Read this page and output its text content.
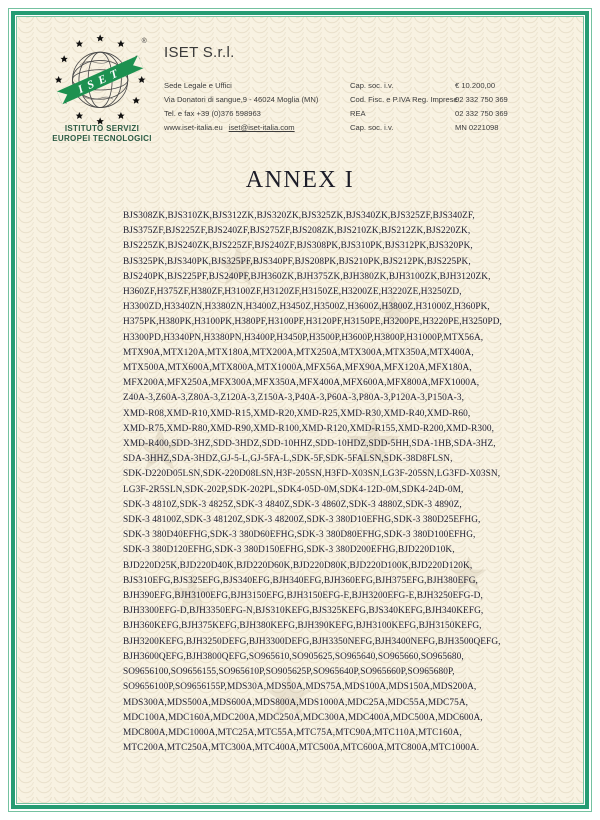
★
★
★ ★
★	★
★
ISET
®
ISTITUTO SERVIZI
EUROPEI TECNOLOGICI
ISET S.r.l.
Sede Legale e Uffici
Via Donatori di sangue,9 - 46024 Moglia (MN)
Tel. e fax +39 (0)376 598963
www.iset-italia.eu iset@iset-italia.com
Cap. soc. i.v.	€ 10.200,00
Cod. Fisc. e P.IVA Reg. Imprese
02 332 750 369
REA	02 332 750 369
Cap. soc. i.v.	MN 0221098
ANNEX I
BJS308ZK,BJS310ZK,BJS312ZK,BJS320ZK,BJS325ZK,BJS340ZK,BJS325ZF,BJS340ZF,
BJS375ZF,BJS225ZF,BJS240ZF,BJS275ZF,BJS208ZK,BJS210ZK,BJS212ZK,BJS220ZK,
BJS225ZK,BJS240ZK,BJS225ZF,BJS240ZF,BJS308PK,BJS310PK,BJS312PK,BJS320PK,
BJS325PK,BJS340PK,BJS325PF,BJS340PF,BJS208PK,BJS210PK,BJS212PK,BJS225PK,
BJS240PK,BJS225PF,BJS240PF,BJH360ZK,BJH375ZK,BJH380ZK,BJH3100ZK,BJH3120ZK,
H360ZF,H375ZF,H380ZF,H3100ZF,H3120ZF,H3150ZE,H3200ZE,H3220ZE,H3250ZD,
H3300ZD,H3340ZN,H3380ZN,H3400Z,H3450Z,H3500Z,H3600Z,H3800Z,H31000Z,H360PK,
H375PK,H380PK,H3100PK,H380PF,H3100PF,H3120PF,H3150PE,H3200PE,H3220PE,H3250PD,
H3300PD,H3340PN,H3380PN,H3400P,H3450P,H3500P,H3600P,H3800P,H31000P,MTX56A,
MTX90A,MTX120A,MTX180A,MTX200A,MTX250A,MTX300A,MTX350A,MTX400A,
MTX500A,MTX600A,MTX800A,MTX1000A,MFX56A,MFX90A,MFX120A,MFX180A,
MFX200A,MFX250A,MFX300A,MFX350A,MFX400A,MFX600A,MFX800A,MFX1000A,
Z40A-3,Z60A-3,Z80A-3,Z120A-3,Z150A-3,P40A-3,P60A-3,P80A-3,P120A-3,P150A-3,
XMD-R08,XMD-R10,XMD-R15,XMD-R20,XMD-R25,XMD-R30,XMD-R40,XMD-R60,
XMD-R75,XMD-R80,XMD-R90,XMD-R100,XMD-R120,XMD-R155,XMD-R200,XMD-R300,
XMD-R400,SDD-3HZ,SDD-3HDZ,SDD-10HHZ,SDD-10HDZ,SDD-5HH,SDA-1HB,SDA-3HZ,
SDA-3HHZ,SDA-3HDZ,GJ-5-L,GJ-5FA-L,SDK-5F,SDK-5FALSN,SDK-38D8FLSN,
SDK-D220D05LSN,SDK-220D08LSN,H3F-205SN,H3FD-X03SN,LG3F-205SN,LG3FD-X03SN,
LG3F-2R5SLN,SDK-202P,SDK-202PL,SDK4-05D-0M,SDK4-12D-0M,SDK4-24D-0M,
SDK-3 4810Z,SDK-3 4825Z,SDK-3 4840Z,SDK-3 4860Z,SDK-3 4880Z,SDK-3 4890Z,
SDK-3 48100Z,SDK-3 48120Z,SDK-3 48200Z,SDK-3 380D10EFHG,SDK-3 380D25EFHG,
SDK-3 380D40EFHG,SDK-3 380D60EFHG,SDK-3 380D80EFHG,SDK-3 380D100EFHG,
SDK-3 380D120EFHG,SDK-3 380D150EFHG,SDK-3 380D200EFHG,BJD220D10K,
BJD220D25K,BJD220D40K,BJD220D60K,BJD220D80K,BJD220D100K,BJD220D120K,
BJS310EFG,BJS325EFG,BJS340EFG,BJH340EFG,BJH360EFG,BJH375EFG,BJH380EFG,
BJH390EFG,BJH3100EFG,BJH3150EFG,BJH3150EFG-E,BJH3200EFG-E,BJH3250EFG-D,
BJH3300EFG-D,BJH3350EFG-N,BJS310KEFG,BJS325KEFG,BJS340KEFG,BJH340KEFG,
BJH360KEFG,BJH375KEFG,BJH380KEFG,BJH390KEFG,BJH3100KEFG,BJH3150KEFG,
BJH3200KEFG,BJH3250DEFG,BJH3300DEFG,BJH3350NEFG,BJH3400NEFG,BJH3500QEFG,
BJH3600QEFG,BJH3800QEFG,SO965610,SO905625,SO965640,SO965660,SO965680,
SO9656100,SO9656155,SO965610P,SO905625P,SO965640P,SO965660P,SO965680P,
SO9656100P,SO9656155P,MDS30A,MDS50A,MDS75A,MDS100A,MDS150A,MDS200A,
MDS300A,MDS500A,MDS600A,MDS800A,MDS1000A,MDC25A,MDC55A,MDC75A,
MDC100A,MDC160A,MDC200A,MDC250A,MDC300A,MDC400A,MDC500A,MDC600A,
MDC800A,MDC1000A,MTC25A,MTC55A,MTC75A,MTC90A,MTC110A,MTC160A,
MTC200A,MTC250A,MTC300A,MTC400A,MTC500A,MTC600A,MTC800A,MTC1000A.
